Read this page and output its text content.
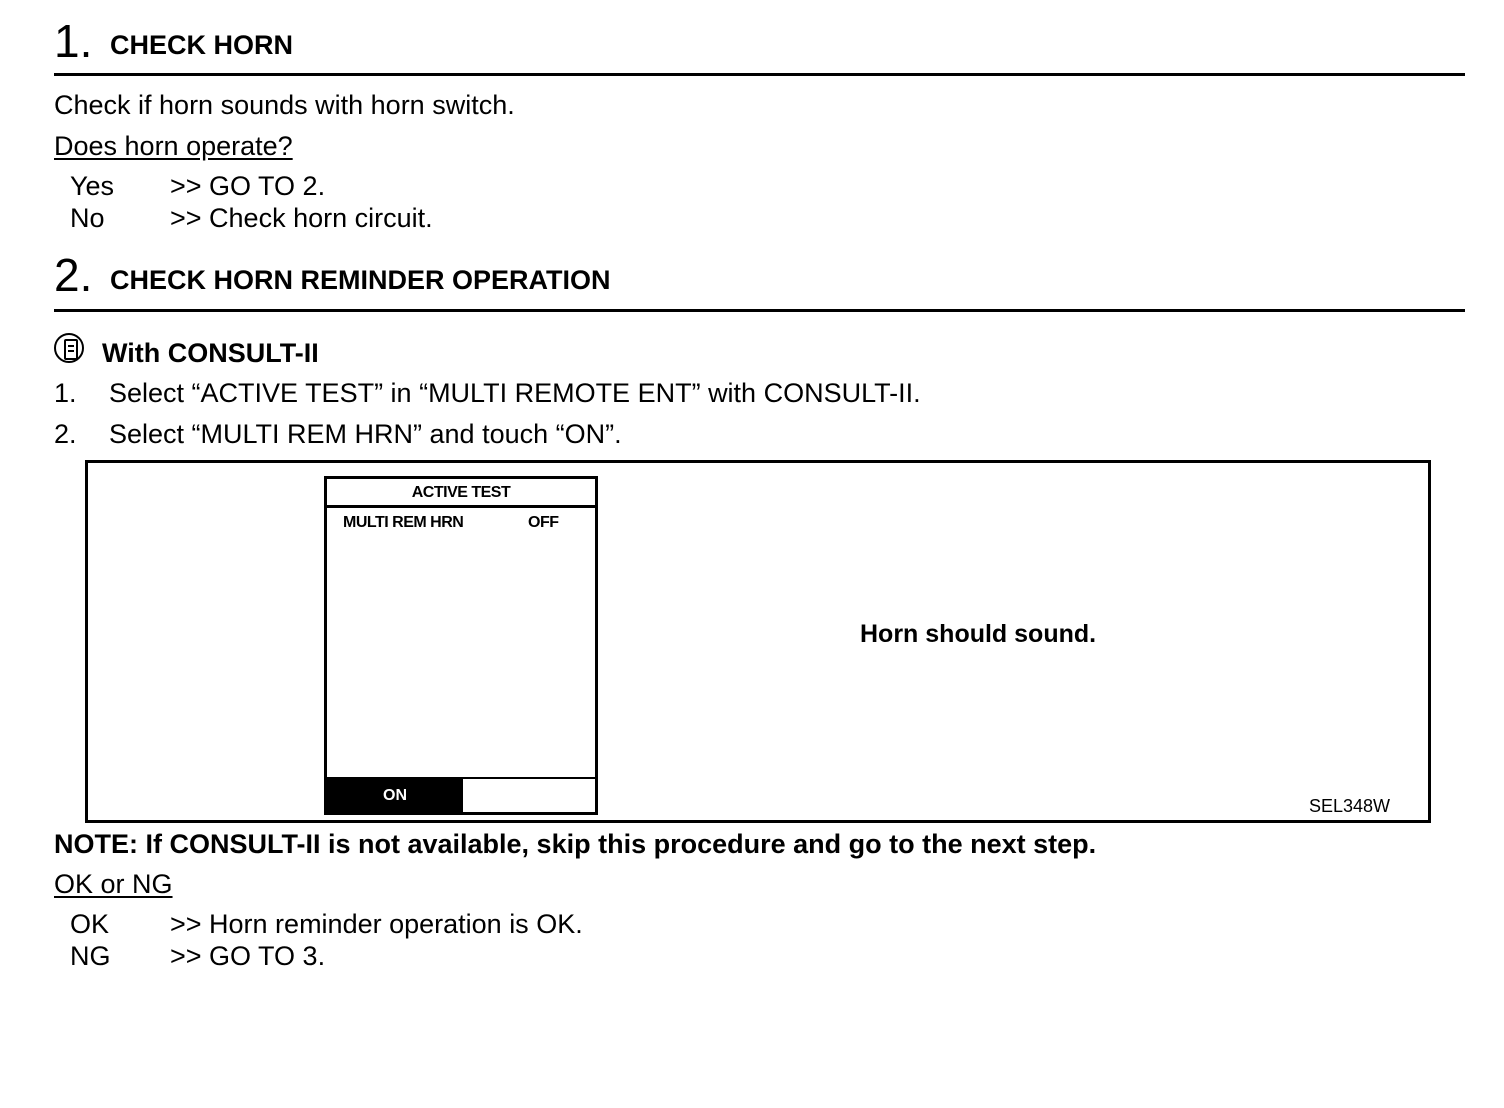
1. CHECK HORN
Check if horn sounds with horn switch.
Does horn operate?
Yes >> GO TO 2.
No >> Check horn circuit.
2. CHECK HORN REMINDER OPERATION
With CONSULT-II
1. Select “ACTIVE TEST” in “MULTI REMOTE ENT” with CONSULT-II.
2. Select “MULTI REM HRN” and touch “ON”.
ACTIVE TEST
MULTI REM HRN	OFF
ON
Horn should sound.
SEL348W
NOTE: If CONSULT-II is not available, skip this procedure and go to the next step.
OK or NG
OK >> Horn reminder operation is OK.
NG >> GO TO 3.
